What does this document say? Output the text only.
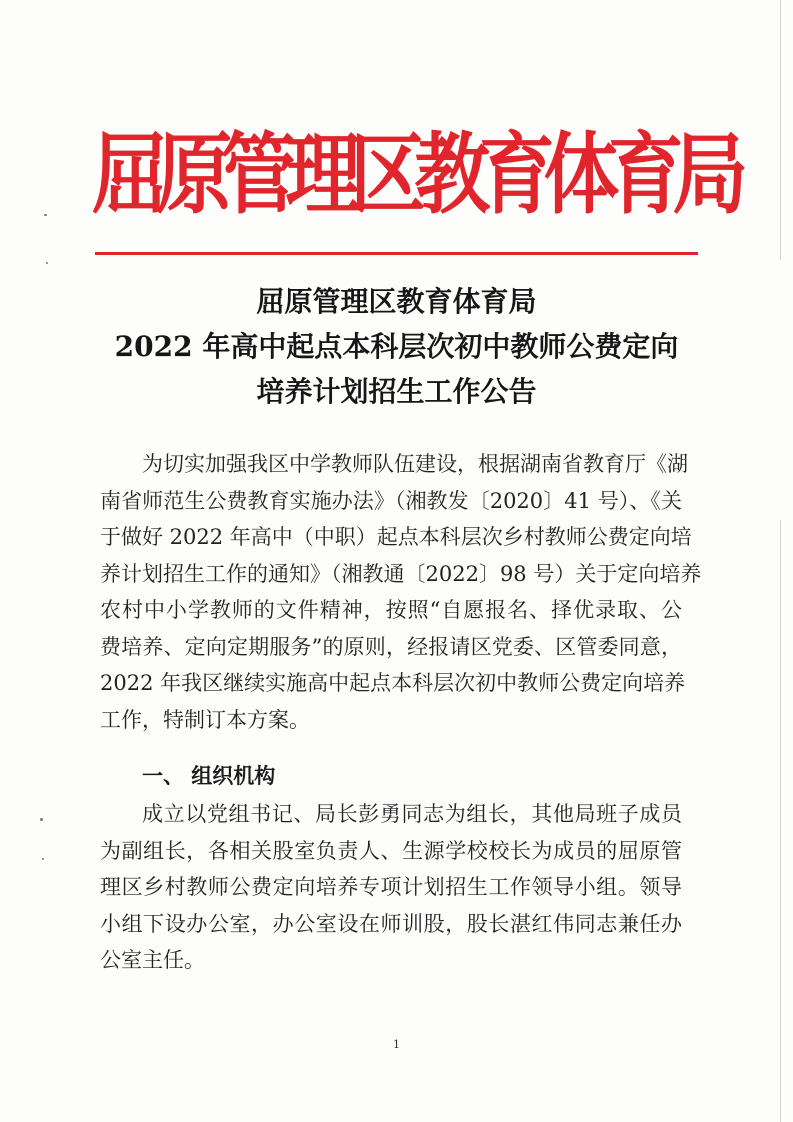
屈原管理区教育体育局
屈原管理区教育体育局
2022 年高中起点本科层次初中教师公费定向
培养计划招生工作公告
为切实加强我区中学教师队伍建设，根据湖南省教育厅《湖
南省师范生公费教育实施办法》（湘教发〔2020〕41 号）、《关
于做好 2022 年高中（中职）起点本科层次乡村教师公费定向培
养计划招生工作的通知》（湘教通〔2022〕98 号）关于定向培养
农村中小学教师的文件精神，按照“自愿报名、择优录取、公
费培养、定向定期服务”的原则，经报请区党委、区管委同意，
2022 年我区继续实施高中起点本科层次初中教师公费定向培养
工作，特制订本方案。
一、 组织机构
成立以党组书记、局长彭勇同志为组长，其他局班子成员
为副组长，各相关股室负责人、生源学校校长为成员的屈原管
理区乡村教师公费定向培养专项计划招生工作领导小组。领导
小组下设办公室，办公室设在师训股，股长湛红伟同志兼任办
公室主任。
1
